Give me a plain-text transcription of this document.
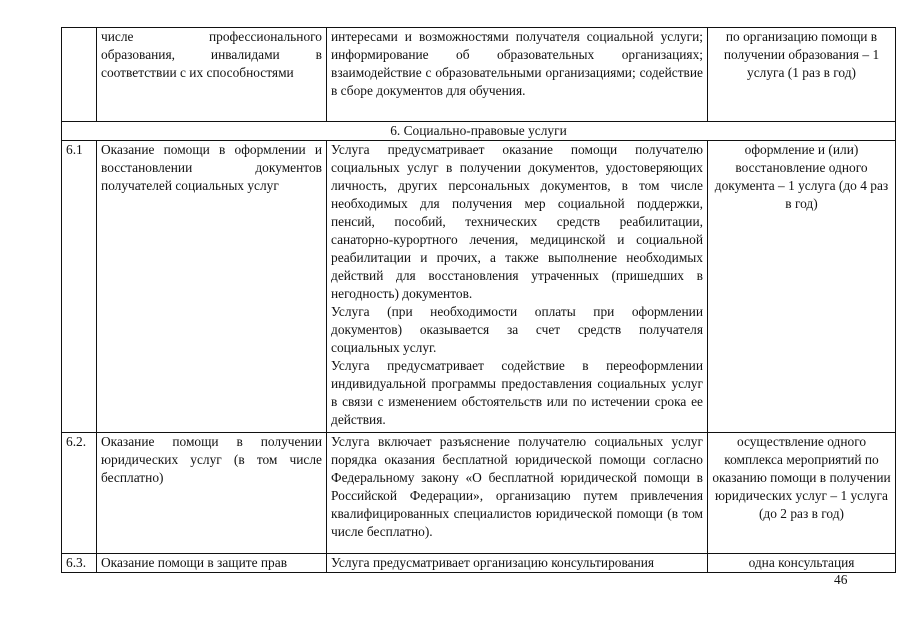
	числе профессионального образования, инвалидами в соответствии с их способностями	интересами и возможностями получателя социальной услуги; информирование об образовательных организациях; взаимодействие с образовательными организациями; содействие в сборе документов для обучения.	по организацию помощи в получении образования – 1 услуга (1 раз в год)
6. Социально-правовые услуги			
6.1	Оказание помощи в оформлении и восстановлении документов получателей социальных услуг	Услуга предусматривает оказание помощи получателю социальных услуг в получении документов, удостоверяющих личность, других персональных документов, в том числе необходимых для получения мер социальной поддержки, пенсий, пособий, технических средств реабилитации, санаторно-курортного лечения, медицинской и социальной реабилитации и прочих, а также выполнение необходимых действий для восстановления утраченных (пришедших в негодность) документов.
Услуга (при необходимости оплаты при оформлении документов) оказывается за счет средств получателя социальных услуг.
Услуга предусматривает содействие в переоформлении индивидуальной программы предоставления социальных услуг в связи с изменением обстоятельств или по истечении срока ее действия.	оформление и (или) восстановление одного документа – 1 услуга (до 4 раз в год)
6.2.	Оказание помощи в получении юридических услуг (в том числе бесплатно)	Услуга включает разъяснение получателю социальных услуг порядка оказания бесплатной юридической помощи согласно Федеральному закону «О бесплатной юридической помощи в Российской Федерации», организацию путем привлечения квалифицированных специалистов юридической помощи (в том числе бесплатно).	осуществление одного комплекса мероприятий по оказанию помощи в получении юридических услуг – 1 услуга (до 2 раз в год)
6.3.	Оказание помощи в защите прав	Услуга предусматривает организацию консультирования	одна консультация
46
